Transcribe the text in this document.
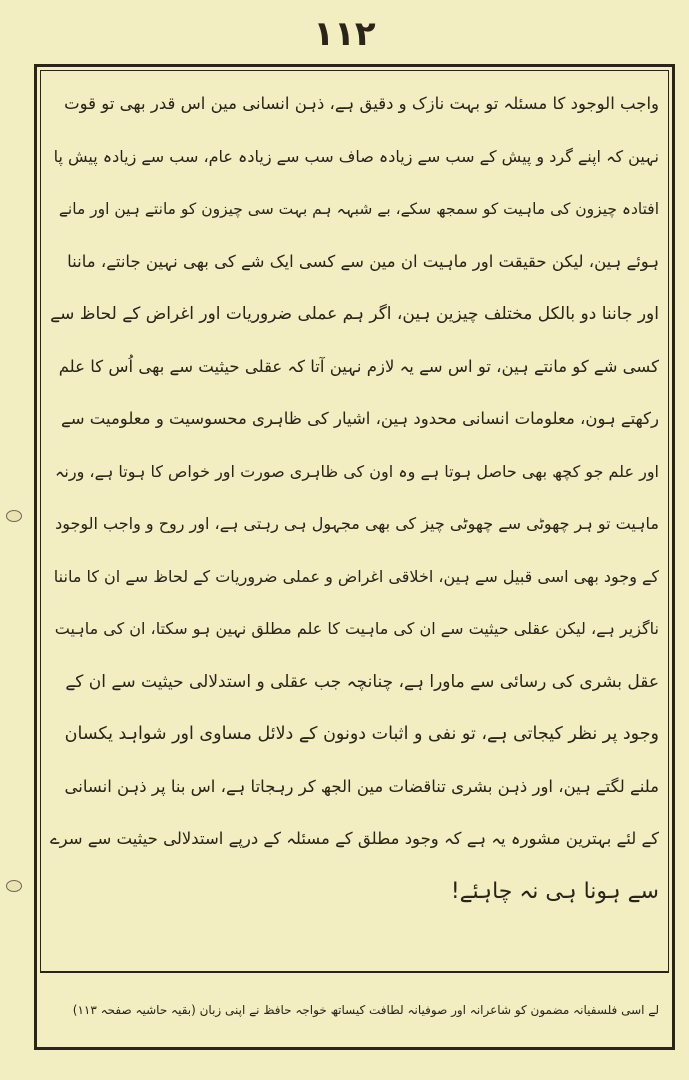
١١٢
واجب الوجود کا مسئلہ تو بہت نازک و دقیق ہے، ذہن انسانی مین اس قدر بھی تو قوت
نہین کہ اپنے گرد و پیش کے سب سے زیادہ صاف سب سے زیادہ عام، سب سے زیادہ پیش پا
افتادہ چیزون کی ماہیت کو سمجھ سکے، بے شبہہ ہم بہت سی چیزون کو مانتے ہین اور مانے
ہوئے ہین، لیکن حقیقت اور ماہیت ان مین سے کسی ایک شے کی بھی نہین جانتے، ماننا
اور جاننا دو بالکل مختلف چیزین ہین، اگر ہم عملی ضروریات اور اغراض کے لحاظ سے
کسی شے کو مانتے ہین، تو اس سے یہ لازم نہین آتا کہ عقلی حیثیت سے بھی اُس کا علم
رکھتے ہون، معلومات انسانی محدود ہین، اشیار کی ظاہری محسوسیت و معلومیت سے
اور علم جو کچھ بھی حاصل ہوتا ہے وہ اون کی ظاہری صورت اور خواص کا ہوتا ہے، ورنہ
ماہیت تو ہر چھوٹی سے چھوٹی چیز کی بھی مجہول ہی رہتی ہے، اور روح و واجب الوجود
کے وجود بھی اسی قبیل سے ہین، اخلاقی اغراض و عملی ضروریات کے لحاظ سے ان کا ماننا
ناگزیر ہے، لیکن عقلی حیثیت سے ان کی ماہیت کا علم مطلق نہین ہو سکتا، ان کی ماہیت
عقل بشری کی رسائی سے ماورا ہے، چنانچہ جب عقلی و استدلالی حیثیت سے ان کے
وجود پر نظر کیجاتی ہے، تو نفی و اثبات دونون کے دلائل مساوی اور شواہد یکسان
ملنے لگتے ہین، اور ذہن بشری تناقضات مین الجھ کر رہجاتا ہے، اس بنا پر ذہن انسانی
کے لئے بہترین مشورہ یہ ہے کہ وجود مطلق کے مسئلہ کے درپے استدلالی حیثیت سے سرے
سے ہونا ہی نہ چاہئے!
لے اسی فلسفیانہ مضمون کو شاعرانہ اور صوفیانہ لطافت کیساتھ خواجہ حافظ نے اپنی زبان (بقیہ حاشیہ صفحہ ١١٣)
